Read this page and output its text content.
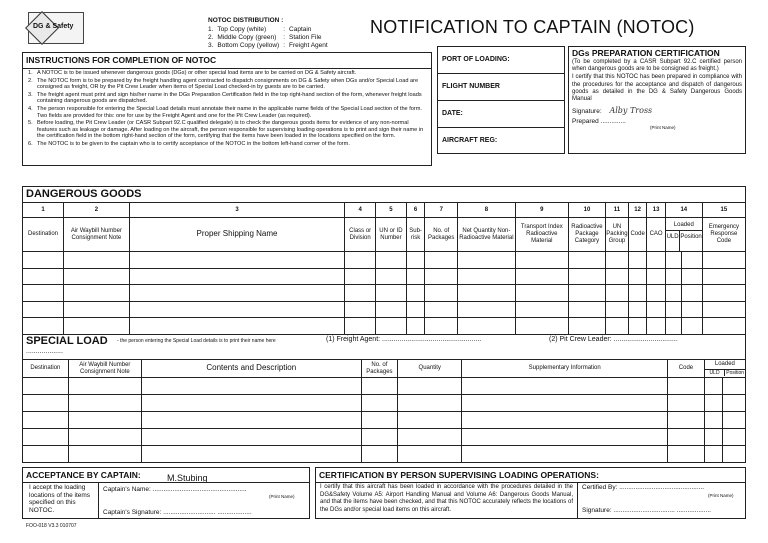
DG & Safety
NOTOC DISTRIBUTION :
1.	Top Copy (white)	:	Captain
2.	Middle Copy (green)	:	Station File
3.	Bottom Copy (yellow)	:	Freight Agent
NOTIFICATION TO CAPTAIN (NOTOC)
INSTRUCTIONS FOR COMPLETION OF NOTOC
1. A NOTOC is to be issued whenever dangerous goods (DGs) or other special load items are to be carried on DG & Safety aircraft.
2. The NOTOC form is to be prepared by the freight handling agent contracted to dispatch consignments on DG & Safety when DGs and/or Special Load are consigned as freight, OR by the Pit Crew Leader when items of Special Load checked-in by guests are to be carried.
3. The freight agent must print and sign his/her name in the DGs Preparation Certification field in the top right-hand section of the form, whenever freight loads containing dangerous goods are dispatched.
4. The person responsible for entering the Special Load details must annotate their name in the applicable name fields of the Special Load section of the form. Two fields are provided for this: one for use by the Freight Agent and one for the Pit Crew Leader (as required).
5. Before loading, the Pit Crew Leader (or CASR Subpart 92.C qualified delegate) is to check the dangerous goods items for evidence of any non-normal features such as leakage or damage. After loading on the aircraft, the person responsible for supervising loading operations is to print and sign their name in the certification field in the bottom right-hand section of the form, certifying that the items have been loaded in the locations specified on the form.
6. The NOTOC is to be given to the captain who is to certify acceptance of the NOTOC in the bottom left-hand corner of the form.
PORT OF LOADING:
FLIGHT NUMBER
DATE:
AIRCRAFT REG:
DGs PREPARATION CERTIFICATION

(To be completed by a CASR Subpart 92.C certified person when dangerous goods are to be consigned as freight.)

I certify that this NOTOC has been prepared in compliance with the procedures for the acceptance and dispatch of dangerous goods as detailed in the DG & Safety Dangerous Goods Manual

Signature: Alby Tross
Prepared ..............
(Print Name)
DANGEROUS GOODS
1	2	3	4	5	6	7	8	9	10	11	12	13	14		15
Destination	Air Waybill Number Consignment Note	Proper Shipping Name	Class or Division	UN or ID Number	Sub-risk	No. of Packages	Net Quantity Non-Radioactive Material	Transport Index Radioactive Material	Radioactive Package Category	UN Packing Group	Code	CAO	Loaded
ULD Position		Emergency Response Code

SPECIAL LOAD - the person entering the Special Load details is to print their name here	(1) Freight Agent: ...................................................	(2) Pit Crew Leader: .................................
...................
Destination	Air Waybill Number Consignment Note	Contents and Description	No. of Packages	Quantity	Supplementary Information	Code	Loaded
ULD Position	

ACCEPTANCE BY CAPTAIN:	M.Stubing
I accept the loading locations of the items specified on this NOTOC.
Captain's Name: ....................................................
(Print Name)
Captain's Signature: ............................. ...................
CERTIFICATION BY PERSON SUPERVISING LOADING OPERATIONS:
I certify that this aircraft has been loaded in accordance with the procedures detailed in the DG&Safety Volume A5: Airport Handling Manual and Volume A6: Dangerous Goods Manual, and that the items have been checked, and that this NOTOC accurately reflects the locations of the DGs and/or special load items on this aircraft.
Certified By: ...............................................
(Print Name)
Signature: .................................. ...................
FOO-018 V3.3 010707
